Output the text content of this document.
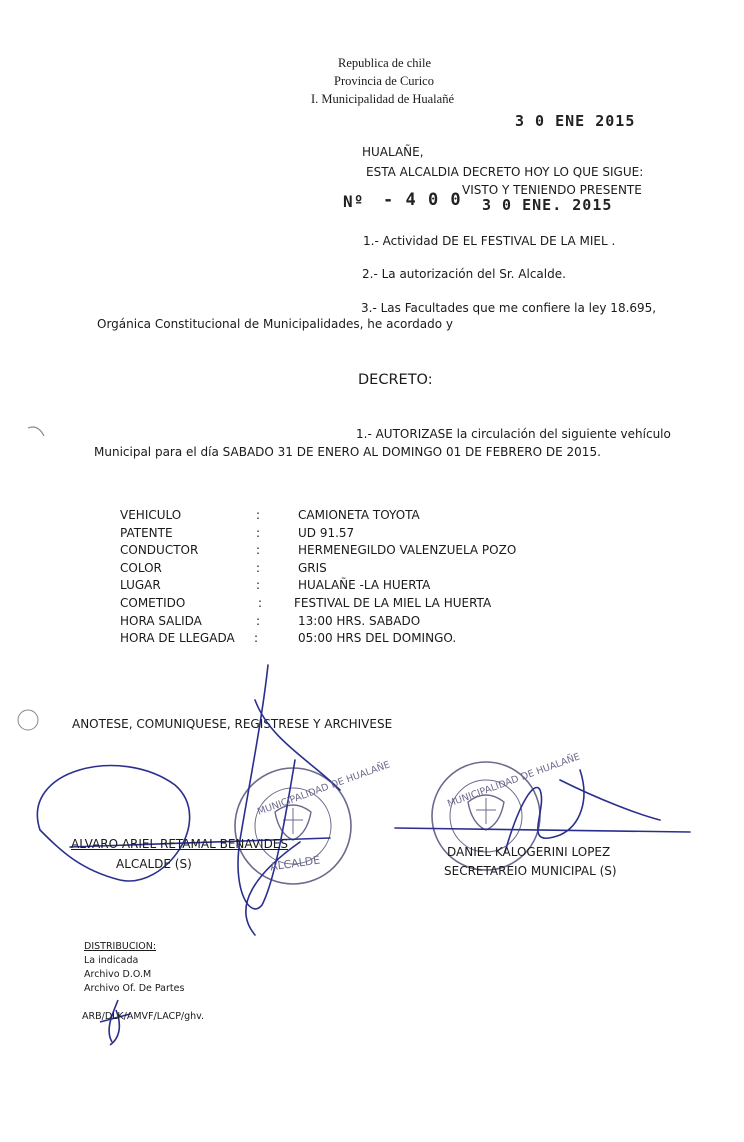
Republica de chile
Provincia de Curico
I. Municipalidad de Hualañé
3 0 ENE 2015
HUALAÑE,
ESTA ALCALDIA DECRETO HOY LO QUE SIGUE:
VISTO Y TENIENDO PRESENTE
Nº - 4 0 0 3 0 ENE. 2015
1.- Actividad DE EL FESTIVAL DE LA MIEL .
2.- La autorización del Sr. Alcalde.
3.- Las Facultades que me confiere la ley 18.695,
Orgánica Constitucional de Municipalidades, he acordado y
DECRETO:
1.- AUTORIZASE la circulación del siguiente vehículo
Municipal para el día SABADO 31 DE ENERO AL DOMINGO 01 DE FEBRERO DE 2015.
VEHICULO	:	CAMIONETA TOYOTA
PATENTE	:	UD 91.57
CONDUCTOR	:	HERMENEGILDO VALENZUELA POZO
COLOR	:	GRIS
LUGAR	:	HUALAÑE -LA HUERTA
COMETIDO	:	FESTIVAL DE LA MIEL LA HUERTA
HORA SALIDA	:	13:00 HRS. SABADO
HORA DE LLEGADA :	05:00 HRS DEL DOMINGO.
ANOTESE, COMUNIQUESE, REGISTRESE Y ARCHIVESE
MUNICIPALIDAD DE HUALAÑE
ALCALDE
MUNICIPALIDAD DE HUALAÑE
ALVARO ARIEL RETAMAL BENAVIDES
ALCALDE (S)
DANIEL KALOGERINI LOPEZ
SECRETAREIO MUNICIPAL (S)
DISTRIBUCION:
La indicada
Archivo D.O.M
Archivo Of. De Partes
ARB/DLK/AMVF/LACP/ghv.
